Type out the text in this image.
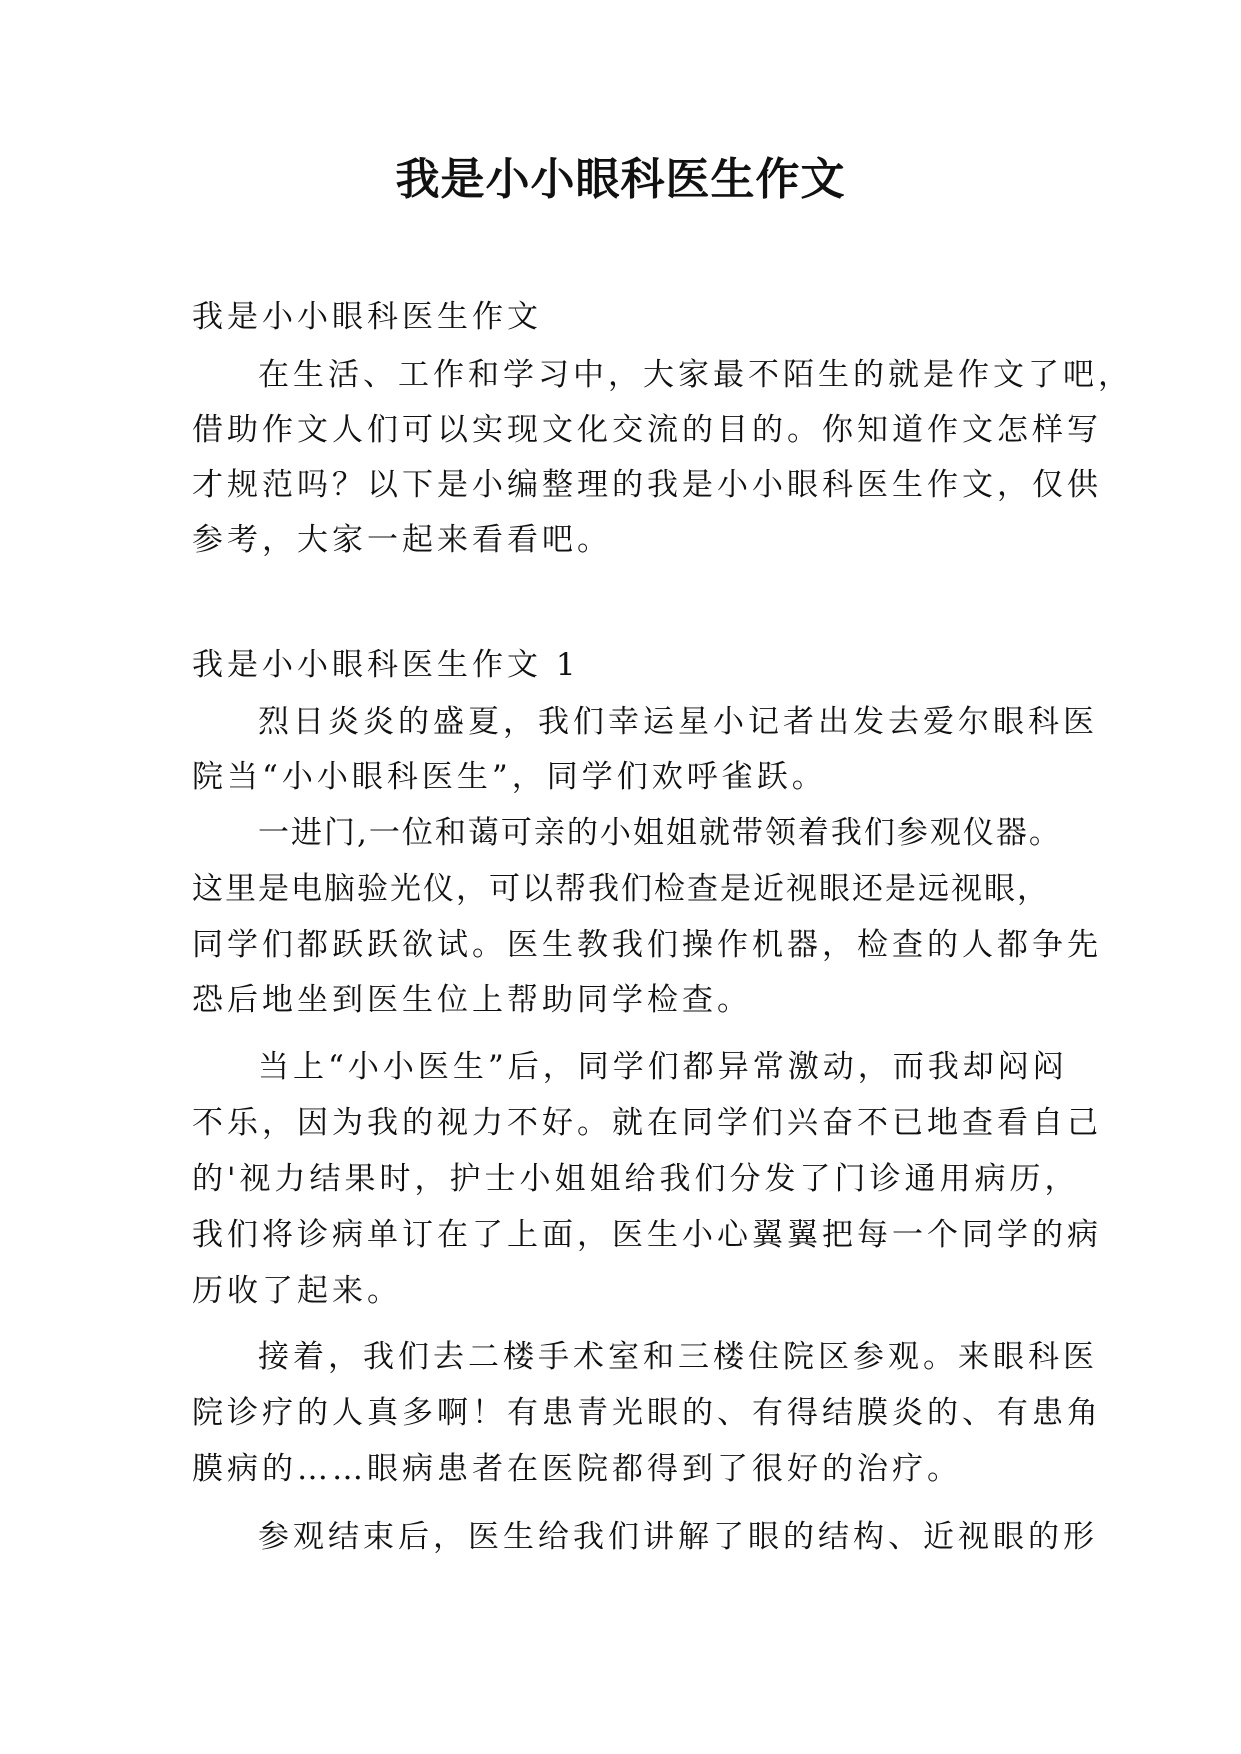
我是小小眼科医生作文
我是小小眼科医生作文
在生活、工作和学习中，大家最不陌生的就是作文了吧，
借助作文人们可以实现文化交流的目的。你知道作文怎样写
才规范吗？以下是小编整理的我是小小眼科医生作文，仅供
参考，大家一起来看看吧。
我是小小眼科医生作文 1
烈日炎炎的盛夏，我们幸运星小记者出发去爱尔眼科医
院当“小小眼科医生”，同学们欢呼雀跃。
一进门,一位和蔼可亲的小姐姐就带领着我们参观仪器。
这里是电脑验光仪，可以帮我们检查是近视眼还是远视眼，
同学们都跃跃欲试。医生教我们操作机器，检查的人都争先
恐后地坐到医生位上帮助同学检查。
当上“小小医生”后，同学们都异常激动，而我却闷闷
不乐，因为我的视力不好。就在同学们兴奋不已地查看自己
的'视力结果时，护士小姐姐给我们分发了门诊通用病历，
我们将诊病单订在了上面，医生小心翼翼把每一个同学的病
历收了起来。
接着，我们去二楼手术室和三楼住院区参观。来眼科医
院诊疗的人真多啊！有患青光眼的、有得结膜炎的、有患角
膜病的……眼病患者在医院都得到了很好的治疗。
参观结束后，医生给我们讲解了眼的结构、近视眼的形
